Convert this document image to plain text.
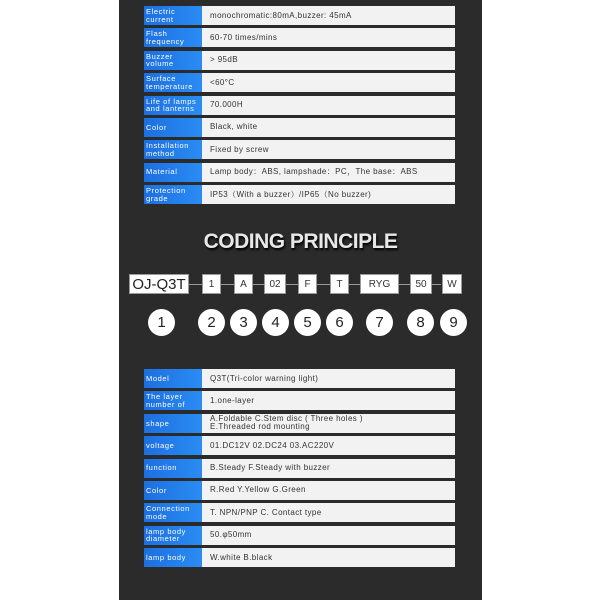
Electric current	monochromatic:80mA,buzzer: 45mA
Flash frequency	60-70 times/mins
Buzzer volume	> 95dB
Surface
temperature	<60°C
Life of lamps
and lanterns	70.000H
Color	Black, white
Installation
method	Fixed by screw
Material	Lamp body：ABS, lampshade：PC，The base：ABS
Protection
grade	IP53（With a buzzer）/IP65（No buzzer)
CODING PRINCIPLE
OJ-Q3T	1	A	02	F	T	RYG	50	W
1	2	3	4	5	6	7	8	9
Model	Q3T(Tri-color warning light)
The layer
number of	1.one-layer
shape	A.Foldable C.Stem disc ( Three holes )
E.Threaded rod mounting
voltage	01.DC12V 02.DC24 03.AC220V
function	B.Steady F.Steady with buzzer
Color	R.Red Y.Yellow G.Green
Connection
mode	T. NPN/PNP C. Contact type
lamp body
diameter	50.φ50mm
lamp body	W.white B.black
